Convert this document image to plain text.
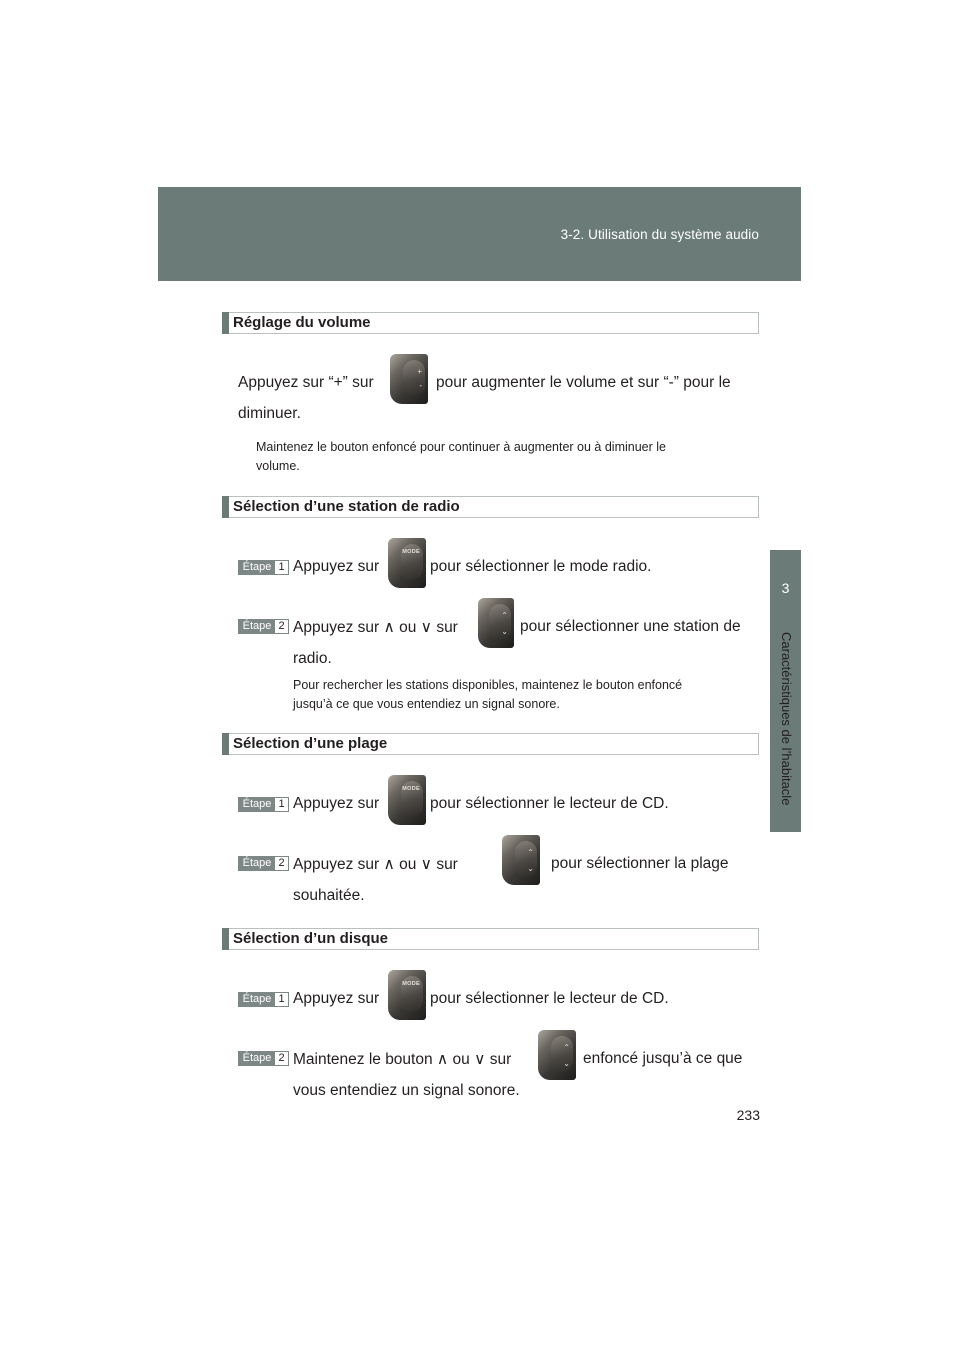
3-2. Utilisation du système audio
3
Caractéristiques de l’habitacle
Réglage du volume
Appuyez sur “+” sur
+
- pour augmenter le volume et sur “-” pour le
diminuer.
Maintenez le bouton enfoncé pour continuer à augmenter ou à diminuer le
volume.
Sélection d’une station de radio
Étape 1 Appuyez sur
MODE
pour sélectionner le mode radio.
Étape 2 Appuyez sur ∧ ou ∨ sur
⌃
⌄ pour sélectionner une station de
radio.
Pour rechercher les stations disponibles, maintenez le bouton enfoncé
jusqu’à ce que vous entendiez un signal sonore.
Sélection d’une plage
Étape 1 Appuyez sur
MODE
pour sélectionner le lecteur de CD.
Étape 2 Appuyez sur ∧ ou ∨ sur
⌃
⌄ pour sélectionner la plage
souhaitée.
Sélection d’un disque
Étape 1 Appuyez sur
MODE
pour sélectionner le lecteur de CD.
Étape 2 Maintenez le bouton ∧ ou ∨ sur
⌃
⌄ enfoncé jusqu’à ce que
vous entendiez un signal sonore.
233
